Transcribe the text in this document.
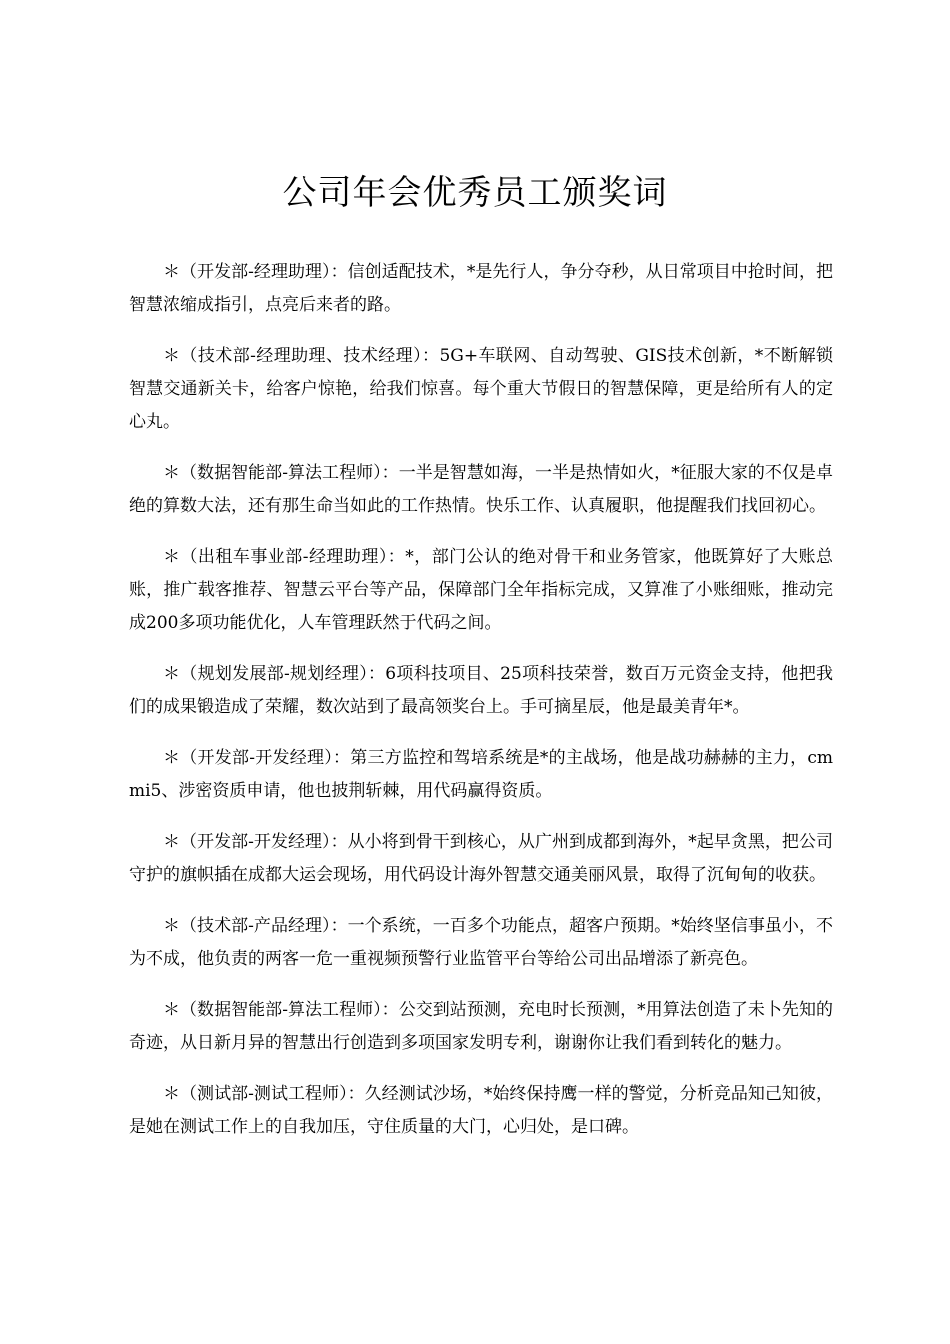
公司年会优秀员工颁奖词

＊（开发部-经理助理）：信创适配技术，*是先行人，争分夺秒，从日常项目中抢时间，把智慧浓缩成指引，点亮后来者的路。

＊（技术部-经理助理、技术经理）：5G+车联网、自动驾驶、GIS技术创新，*不断解锁智慧交通新关卡，给客户惊艳，给我们惊喜。每个重大节假日的智慧保障，更是给所有人的定心丸。

＊（数据智能部-算法工程师）：一半是智慧如海，一半是热情如火，*征服大家的不仅是卓绝的算数大法，还有那生命当如此的工作热情。快乐工作、认真履职，他提醒我们找回初心。

＊（出租车事业部-经理助理）：*，部门公认的绝对骨干和业务管家，他既算好了大账总账，推广载客推荐、智慧云平台等产品，保障部门全年指标完成，又算准了小账细账，推动完成200多项功能优化，人车管理跃然于代码之间。

＊（规划发展部-规划经理）：6项科技项目、25项科技荣誉，数百万元资金支持，他把我们的成果锻造成了荣耀，数次站到了最高领奖台上。手可摘星辰，他是最美青年*。

＊（开发部-开发经理）：第三方监控和驾培系统是*的主战场，他是战功赫赫的主力，cmmi5、涉密资质申请，他也披荆斩棘，用代码赢得资质。

＊（开发部-开发经理）：从小将到骨干到核心，从广州到成都到海外，*起早贪黑，把公司守护的旗帜插在成都大运会现场，用代码设计海外智慧交通美丽风景，取得了沉甸甸的收获。

＊（技术部-产品经理）：一个系统，一百多个功能点，超客户预期。*始终坚信事虽小，不为不成，他负责的两客一危一重视频预警行业监管平台等给公司出品增添了新亮色。

＊（数据智能部-算法工程师）：公交到站预测，充电时长预测，*用算法创造了未卜先知的奇迹，从日新月异的智慧出行创造到多项国家发明专利，谢谢你让我们看到转化的魅力。

＊（测试部-测试工程师）：久经测试沙场，*始终保持鹰一样的警觉，分析竞品知己知彼，是她在测试工作上的自我加压，守住质量的大门，心归处，是口碑。
